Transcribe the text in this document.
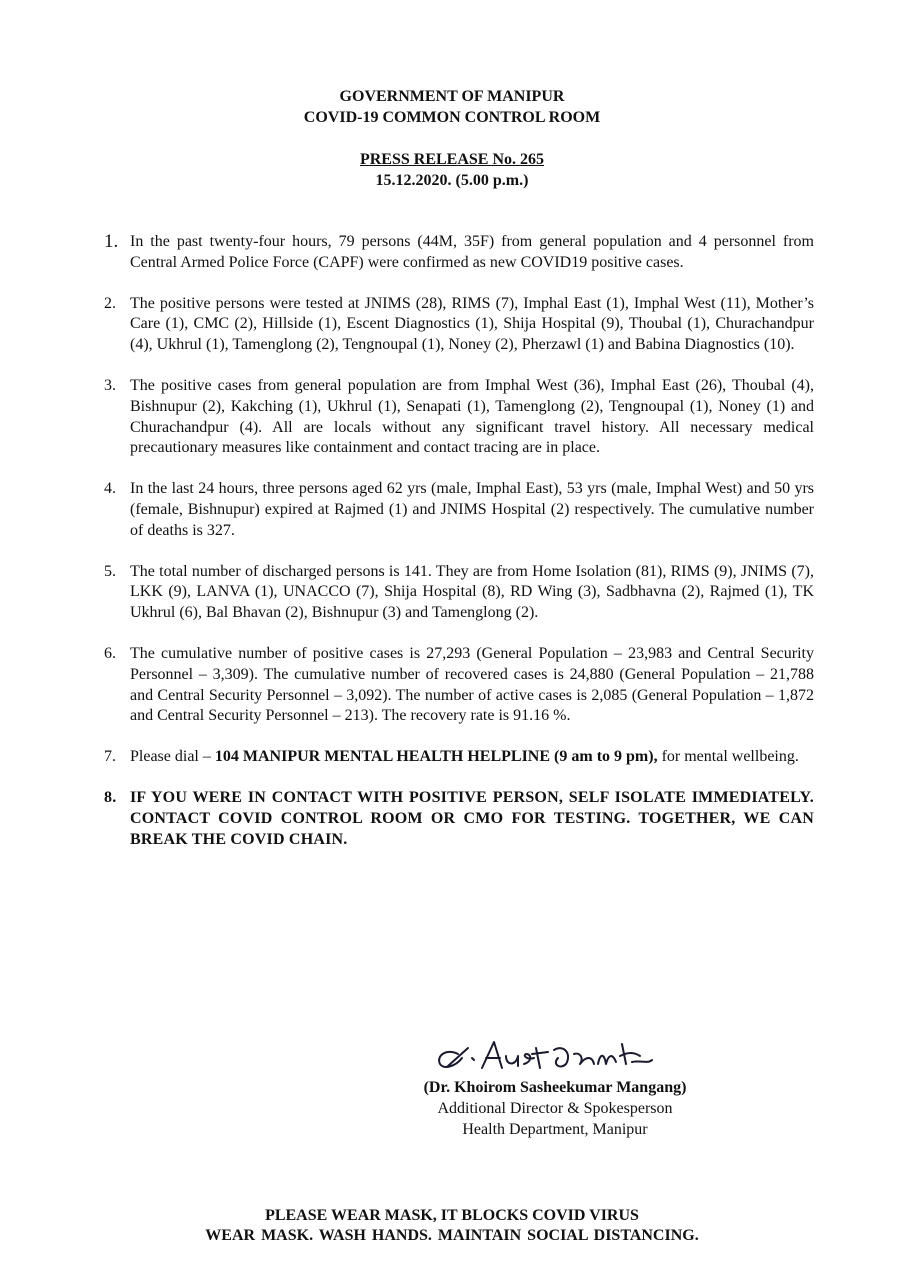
GOVERNMENT OF MANIPUR
COVID-19 COMMON CONTROL ROOM
PRESS RELEASE No. 265
15.12.2020. (5.00 p.m.)
1. In the past twenty-four hours, 79 persons (44M, 35F) from general population and 4 personnel from Central Armed Police Force (CAPF) were confirmed as new COVID19 positive cases.
2. The positive persons were tested at JNIMS (28), RIMS (7), Imphal East (1), Imphal West (11), Mother’s Care (1), CMC (2), Hillside (1), Escent Diagnostics (1), Shija Hospital (9), Thoubal (1), Churachandpur (4), Ukhrul (1), Tamenglong (2), Tengnoupal (1), Noney (2), Pherzawl (1) and Babina Diagnostics (10).
3. The positive cases from general population are from Imphal West (36), Imphal East (26), Thoubal (4), Bishnupur (2), Kakching (1), Ukhrul (1), Senapati (1), Tamenglong (2), Tengnoupal (1), Noney (1) and Churachandpur (4). All are locals without any significant travel history. All necessary medical precautionary measures like containment and contact tracing are in place.
4. In the last 24 hours, three persons aged 62 yrs (male, Imphal East), 53 yrs (male, Imphal West) and 50 yrs (female, Bishnupur) expired at Rajmed (1) and JNIMS Hospital (2) respectively. The cumulative number of deaths is 327.
5. The total number of discharged persons is 141. They are from Home Isolation (81), RIMS (9), JNIMS (7), LKK (9), LANVA (1), UNACCO (7), Shija Hospital (8), RD Wing (3), Sadbhavna (2), Rajmed (1), TK Ukhrul (6), Bal Bhavan (2), Bishnupur (3) and Tamenglong (2).
6. The cumulative number of positive cases is 27,293 (General Population – 23,983 and Central Security Personnel – 3,309). The cumulative number of recovered cases is 24,880 (General Population – 21,788 and Central Security Personnel – 3,092). The number of active cases is 2,085 (General Population – 1,872 and Central Security Personnel – 213). The recovery rate is 91.16 %.
7. Please dial – 104 MANIPUR MENTAL HEALTH HELPLINE (9 am to 9 pm), for mental wellbeing.
8. IF YOU WERE IN CONTACT WITH POSITIVE PERSON, SELF ISOLATE IMMEDIATELY. CONTACT COVID CONTROL ROOM OR CMO FOR TESTING. TOGETHER, WE CAN BREAK THE COVID CHAIN.
(Dr. Khoirom Sasheekumar Mangang)
Additional Director & Spokesperson
Health Department, Manipur
PLEASE WEAR MASK, IT BLOCKS COVID VIRUS
WEAR MASK. WASH HANDS. MAINTAIN SOCIAL DISTANCING.
